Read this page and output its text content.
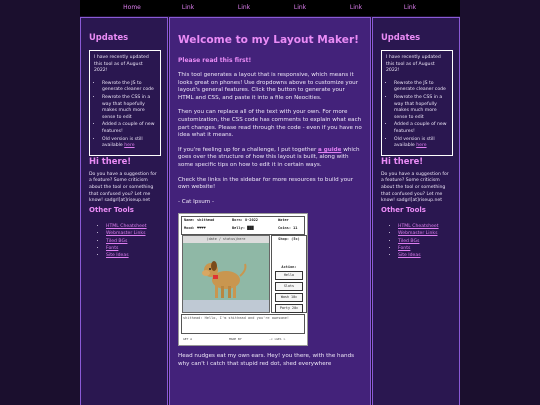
Home	Link	Link	Link	Link	Link
Updates

I have recently updated this tool as of August 2022!

• Rewrote the JS to generate cleaner code
• Rewrote the CSS in a way that hopefully makes much more sense to edit
• Added a couple of new features!
• Old version is still available here
Hi there!

Do you have a suggestion for a feature? Some criticism about the tool or something that confused you? Let me know! sadgrl[at]riseup.net

Other Tools
• HTML Cheatsheet
• Webmaster Links
• Tiled BGs
• Fonts
• Site Ideas
Welcome to my Layout Maker!
Please read this first!

This tool generates a layout that is responsive, which means it looks great on phones! Use dropdowns above to customize your layout's general features. Click the button to generate your HTML and CSS, and paste it into a file on Neocities.

Then you can replace all of the text with your own. For more customization, the CSS code has comments to explain what each part changes. Please read through the code - even if you have no idea what it means.

If you're feeling up for a challenge, I put together a guide which goes over the structure of how this layout is built, along with some specific tips on how to edit it in certain ways.

Check the links in the sidebar for more resources to build your own website!

- Cat Ipsum -

Name: shithead	Born: 8-2022	Water
Mood: ♥♥♥♥	Belly: ███	Coins: 11
(date / status)here	Shop: (5c)
Action:
Hello
Slots
Wash 10c
Party 20c
shithead: Hello, I'm shithead and you're awesome!
GET A	MADE BY	-< >GE1 >

Head nudges eat my own ears. Hey! you there, with the hands why can't i catch that stupid red dot, shed everywhere

Updates

I have recently updated this tool as of August 2022!

• Rewrote the JS to generate cleaner code
• Rewrote the CSS in a way that hopefully makes much more sense to edit
• Added a couple of new features!
• Old version is still available here
Hi there!

Do you have a suggestion for a feature? Some criticism about the tool or something that confused you? Let me know! sadgrl[at]riseup.net

Other Tools
• HTML Cheatsheet
• Webmaster Links
• Tiled BGs
• Fonts
• Site Ideas
